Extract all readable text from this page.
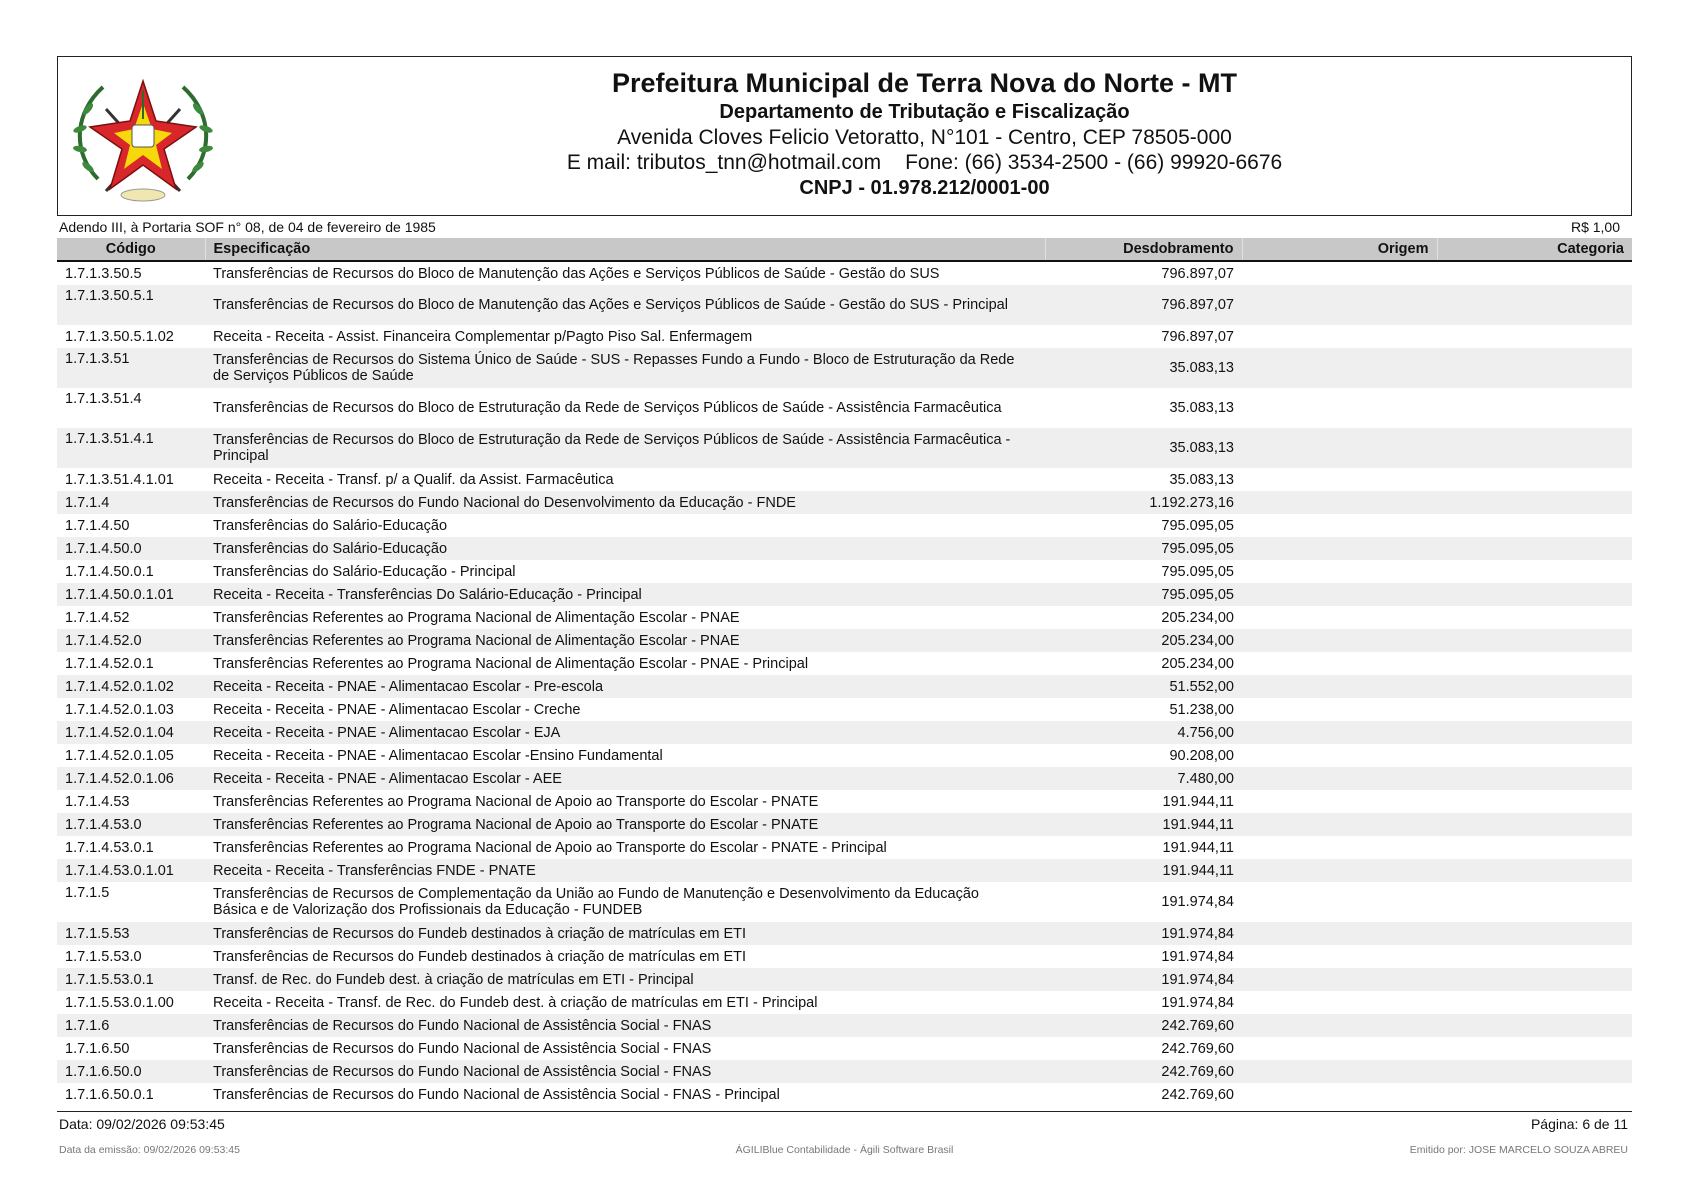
Prefeitura Municipal de Terra Nova do Norte - MT
Departamento de Tributação e Fiscalização
Avenida Cloves Felicio Vetoratto, N°101 - Centro, CEP 78505-000
E mail: tributos_tnn@hotmail.com Fone: (66) 3534-2500 - (66) 99920-6676
CNPJ - 01.978.212/0001-00
Adendo III, à Portaria SOF n° 08, de 04 de fevereiro de 1985	R$ 1,00
Código	Especificação	Desdobramento	Origem	Categoria
1.7.1.3.50.5	Transferências de Recursos do Bloco de Manutenção das Ações e Serviços Públicos de Saúde - Gestão do SUS	796.897,07		
1.7.1.3.50.5.1	Transferências de Recursos do Bloco de Manutenção das Ações e Serviços Públicos de Saúde - Gestão do SUS - Principal	796.897,07		
1.7.1.3.50.5.1.02	Receita - Receita - Assist. Financeira Complementar p/Pagto Piso Sal. Enfermagem	796.897,07		
1.7.1.3.51	Transferências de Recursos do Sistema Único de Saúde - SUS - Repasses Fundo a Fundo - Bloco de Estruturação da Rede de Serviços Públicos de Saúde	35.083,13		
1.7.1.3.51.4	Transferências de Recursos do Bloco de Estruturação da Rede de Serviços Públicos de Saúde - Assistência Farmacêutica	35.083,13		
1.7.1.3.51.4.1	Transferências de Recursos do Bloco de Estruturação da Rede de Serviços Públicos de Saúde - Assistência Farmacêutica - Principal	35.083,13		
1.7.1.3.51.4.1.01	Receita - Receita - Transf. p/ a Qualif. da Assist. Farmacêutica	35.083,13		
1.7.1.4	Transferências de Recursos do Fundo Nacional do Desenvolvimento da Educação - FNDE	1.192.273,16		
1.7.1.4.50	Transferências do Salário-Educação	795.095,05		
1.7.1.4.50.0	Transferências do Salário-Educação	795.095,05		
1.7.1.4.50.0.1	Transferências do Salário-Educação - Principal	795.095,05		
1.7.1.4.50.0.1.01	Receita - Receita - Transferências Do Salário-Educação - Principal	795.095,05		
1.7.1.4.52	Transferências Referentes ao Programa Nacional de Alimentação Escolar - PNAE	205.234,00		
1.7.1.4.52.0	Transferências Referentes ao Programa Nacional de Alimentação Escolar - PNAE	205.234,00		
1.7.1.4.52.0.1	Transferências Referentes ao Programa Nacional de Alimentação Escolar - PNAE - Principal	205.234,00		
1.7.1.4.52.0.1.02	Receita - Receita - PNAE - Alimentacao Escolar - Pre-escola	51.552,00		
1.7.1.4.52.0.1.03	Receita - Receita - PNAE - Alimentacao Escolar - Creche	51.238,00		
1.7.1.4.52.0.1.04	Receita - Receita - PNAE - Alimentacao Escolar - EJA	4.756,00		
1.7.1.4.52.0.1.05	Receita - Receita - PNAE - Alimentacao Escolar -Ensino Fundamental	90.208,00		
1.7.1.4.52.0.1.06	Receita - Receita - PNAE - Alimentacao Escolar - AEE	7.480,00		
1.7.1.4.53	Transferências Referentes ao Programa Nacional de Apoio ao Transporte do Escolar - PNATE	191.944,11		
1.7.1.4.53.0	Transferências Referentes ao Programa Nacional de Apoio ao Transporte do Escolar - PNATE	191.944,11		
1.7.1.4.53.0.1	Transferências Referentes ao Programa Nacional de Apoio ao Transporte do Escolar - PNATE - Principal	191.944,11		
1.7.1.4.53.0.1.01	Receita - Receita - Transferências FNDE - PNATE	191.944,11		
1.7.1.5	Transferências de Recursos de Complementação da União ao Fundo de Manutenção e Desenvolvimento da Educação Básica e de Valorização dos Profissionais da Educação - FUNDEB	191.974,84		
1.7.1.5.53	Transferências de Recursos do Fundeb destinados à criação de matrículas em ETI	191.974,84		
1.7.1.5.53.0	Transferências de Recursos do Fundeb destinados à criação de matrículas em ETI	191.974,84		
1.7.1.5.53.0.1	Transf. de Rec. do Fundeb dest. à criação de matrículas em ETI - Principal	191.974,84		
1.7.1.5.53.0.1.00	Receita - Receita - Transf. de Rec. do Fundeb dest. à criação de matrículas em ETI - Principal	191.974,84		
1.7.1.6	Transferências de Recursos do Fundo Nacional de Assistência Social - FNAS	242.769,60		
1.7.1.6.50	Transferências de Recursos do Fundo Nacional de Assistência Social - FNAS	242.769,60		
1.7.1.6.50.0	Transferências de Recursos do Fundo Nacional de Assistência Social - FNAS	242.769,60		
1.7.1.6.50.0.1	Transferências de Recursos do Fundo Nacional de Assistência Social - FNAS - Principal	242.769,60		
Data: 09/02/2026 09:53:45	Página: 6 de 11
Data da emissão: 09/02/2026 09:53:45	ÁGILIBlue Contabilidade - Ágili Software Brasil	Emitido por: JOSE MARCELO SOUZA ABREU
